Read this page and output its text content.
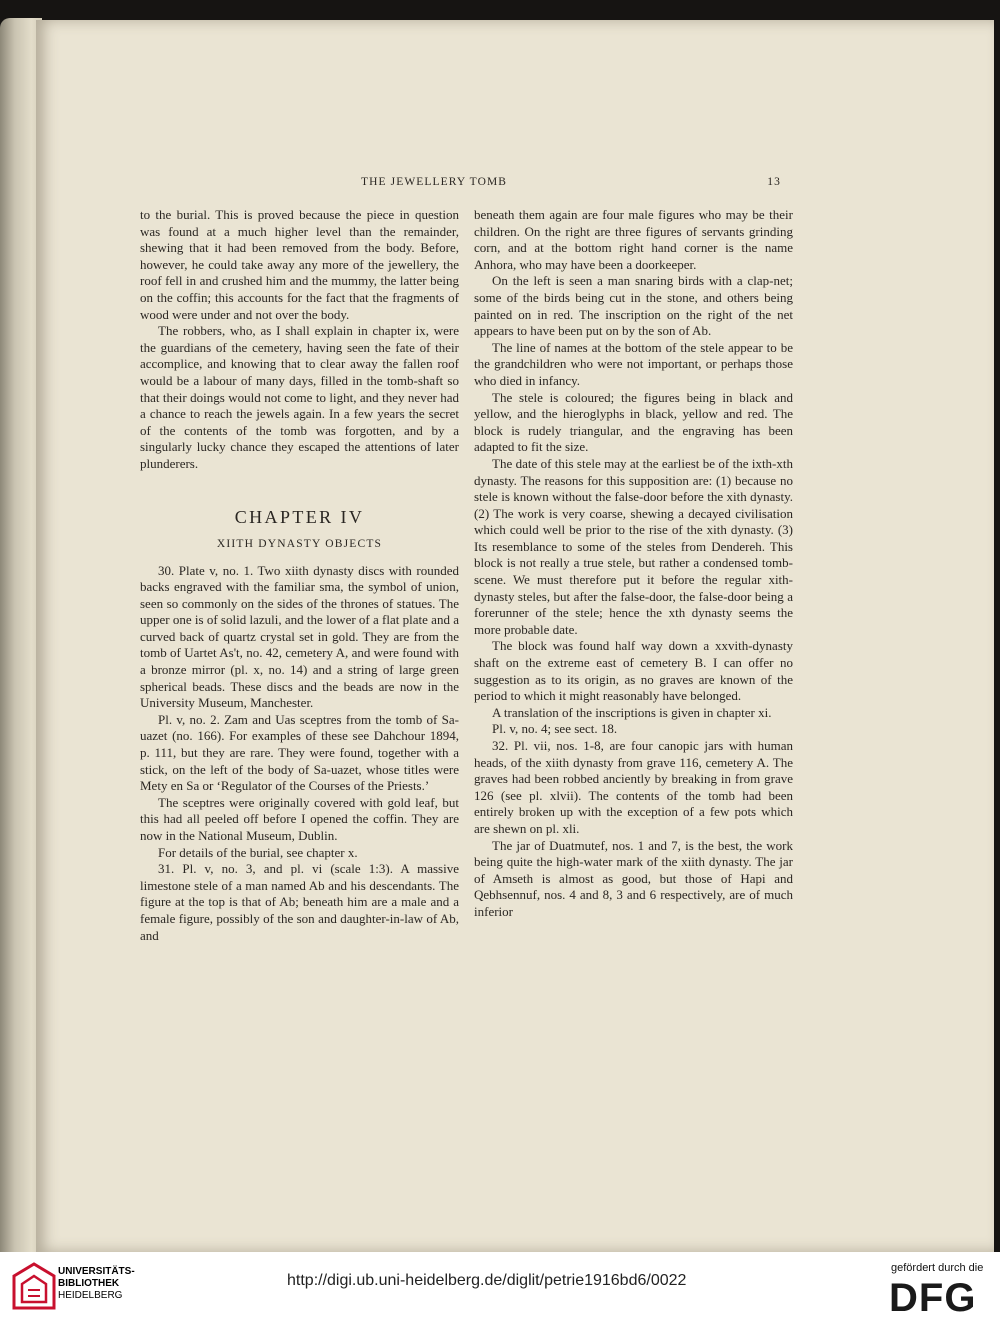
THE JEWELLERY TOMB	13

to the burial. This is proved because the piece in question was found at a much higher level than the remainder, shewing that it had been removed from the body. Before, however, he could take away any more of the jewellery, the roof fell in and crushed him and the mummy, the latter being on the coffin; this accounts for the fact that the fragments of wood were under and not over the body.

The robbers, who, as I shall explain in chapter ix, were the guardians of the cemetery, having seen the fate of their accomplice, and knowing that to clear away the fallen roof would be a labour of many days, filled in the tomb-shaft so that their doings would not come to light, and they never had a chance to reach the jewels again. In a few years the secret of the contents of the tomb was forgotten, and by a singularly lucky chance they escaped the attentions of later plunderers.

CHAPTER IV
XIITH DYNASTY OBJECTS

30. Plate v, no. 1. Two xiith dynasty discs with rounded backs engraved with the familiar sma, the symbol of union, seen so commonly on the sides of the thrones of statues. The upper one is of solid lazuli, and the lower of a flat plate and a curved back of quartz crystal set in gold. They are from the tomb of Uartet As't, no. 42, cemetery A, and were found with a bronze mirror (pl. x, no. 14) and a string of large green spherical beads. These discs and the beads are now in the University Museum, Manchester.

Pl. v, no. 2. Zam and Uas sceptres from the tomb of Sa-uazet (no. 166). For examples of these see Dahchour 1894, p. 111, but they are rare. They were found, together with a stick, on the left of the body of Sa-uazet, whose titles were Mety en Sa or ‘Regulator of the Courses of the Priests.’

The sceptres were originally covered with gold leaf, but this had all peeled off before I opened the coffin. They are now in the National Museum, Dublin.

For details of the burial, see chapter x.

31. Pl. v, no. 3, and pl. vi (scale 1:3). A massive limestone stele of a man named Ab and his descendants. The figure at the top is that of Ab; beneath him are a male and a female figure, possibly of the son and daughter-in-law of Ab, and

beneath them again are four male figures who may be their children. On the right are three figures of servants grinding corn, and at the bottom right hand corner is the name Anhora, who may have been a doorkeeper.

On the left is seen a man snaring birds with a clap-net; some of the birds being cut in the stone, and others being painted on in red. The inscription on the right of the net appears to have been put on by the son of Ab.

The line of names at the bottom of the stele appear to be the grandchildren who were not important, or perhaps those who died in infancy.

The stele is coloured; the figures being in black and yellow, and the hieroglyphs in black, yellow and red. The block is rudely triangular, and the engraving has been adapted to fit the size.

The date of this stele may at the earliest be of the ixth-xth dynasty. The reasons for this supposition are: (1) because no stele is known without the false-door before the xith dynasty. (2) The work is very coarse, shewing a decayed civilisation which could well be prior to the rise of the xith dynasty. (3) Its resemblance to some of the steles from Dendereh. This block is not really a true stele, but rather a condensed tomb-scene. We must therefore put it before the regular xith-dynasty steles, but after the false-door, the false-door being a forerunner of the stele; hence the xth dynasty seems the more probable date.

The block was found half way down a xxvith-dynasty shaft on the extreme east of cemetery B. I can offer no suggestion as to its origin, as no graves are known of the period to which it might reasonably have belonged.

A translation of the inscriptions is given in chapter xi.

Pl. v, no. 4; see sect. 18.

32. Pl. vii, nos. 1-8, are four canopic jars with human heads, of the xiith dynasty from grave 116, cemetery A. The graves had been robbed anciently by breaking in from grave 126 (see pl. xlvii). The contents of the tomb had been entirely broken up with the exception of a few pots which are shewn on pl. xli.

The jar of Duatmutef, nos. 1 and 7, is the best, the work being quite the high-water mark of the xiith dynasty. The jar of Amseth is almost as good, but those of Hapi and Qebhsennuf, nos. 4 and 8, 3 and 6 respectively, are of much inferior

UNIVERSITÄTS-
BIBLIOTHEK
HEIDELBERG
http://digi.ub.uni-heidelberg.de/diglit/petrie1916bd6/0022
gefördert durch die
DFG
